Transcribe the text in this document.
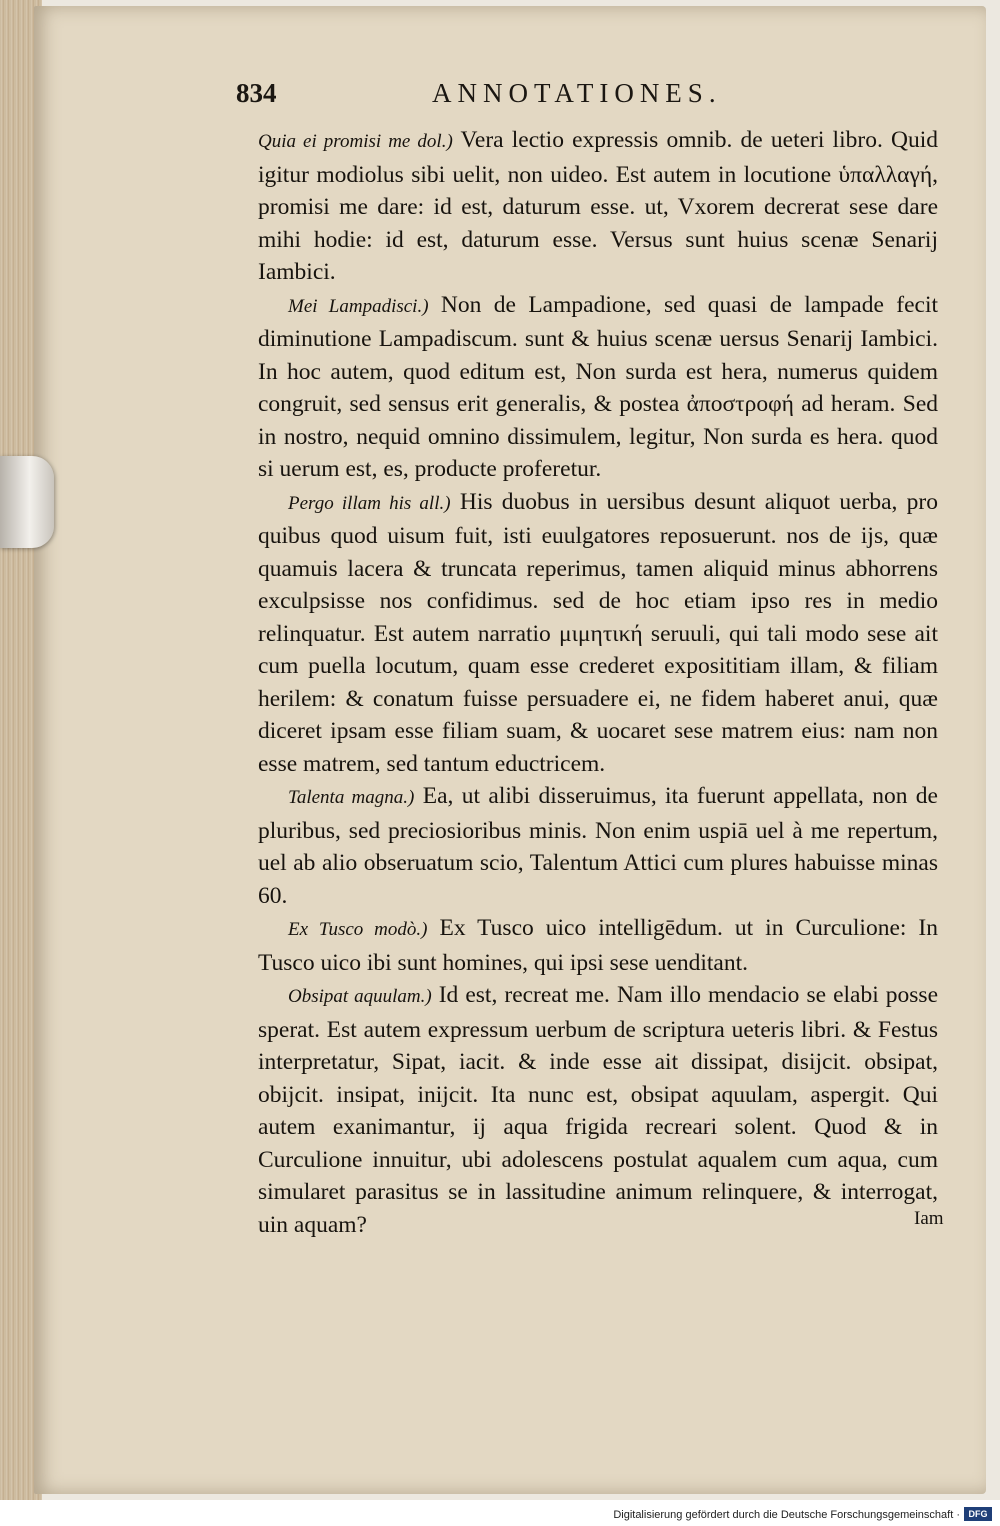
834	ANNOTATIONES.

Quia ei promisi me dol.) Vera lectio expressis omnib. de ueteri libro. Quid igitur modiolus sibi uelit, non uideo. Est autem in locutione ὑπαλλαγή, promisi me dare: id est, daturum esse. ut, Vxorem decrerat sese dare mihi hodie: id est, daturum esse. Versus sunt huius scenæ Senarij Iambici.

Mei Lampadisci.) Non de Lampadione, sed quasi de lampade fecit diminutione Lampadiscum. sunt & huius scenæ uersus Senarij Iambici. In hoc autem, quod editum est, Non surda est hera, numerus quidem congruit, sed sensus erit generalis, & postea ἀποστροφή ad heram. Sed in nostro, nequid omnino dissimulem, legitur, Non surda es hera. quod si uerum est, es, producte proferetur.

Pergo illam his all.) His duobus in uersibus desunt aliquot uerba, pro quibus quod uisum fuit, isti euulgatores reposuerunt. nos de ijs, quæ quamuis lacera & truncata reperimus, tamen aliquid minus abhorrens exculpsisse nos confidimus. sed de hoc etiam ipso res in medio relinquatur. Est autem narratio μιμητική seruuli, qui tali modo sese ait cum puella locutum, quam esse crederet exposititiam illam, & filiam herilem: & conatum fuisse persuadere ei, ne fidem haberet anui, quæ diceret ipsam esse filiam suam, & uocaret sese matrem eius: nam non esse matrem, sed tantum eductricem.

Talenta magna.) Ea, ut alibi disseruimus, ita fuerunt appellata, non de pluribus, sed preciosioribus minis. Non enim uspiā uel à me repertum, uel ab alio obseruatum scio, Talentum Attici cum plures habuisse minas 60.

Ex Tusco modò.) Ex Tusco uico intelligēdum. ut in Curculione: In Tusco uico ibi sunt homines, qui ipsi sese uenditant.

Obsipat aquulam.) Id est, recreat me. Nam illo mendacio se elabi posse sperat. Est autem expressum uerbum de scriptura ueteris libri. & Festus interpretatur, Sipat, iacit. & inde esse ait dissipat, disijcit. obsipat, obijcit. insipat, inijcit. Ita nunc est, obsipat aquulam, aspergit. Qui autem exanimantur, ij aqua frigida recreari solent. Quod & in Curculione innuitur, ubi adolescens postulat aqualem cum aqua, cum simularet parasitus se in lassitudine animum relinquere, & interrogat, uin aquam?	Iam
Digitalisierung gefördert durch die Deutsche Forschungsgemeinschaft · DFG
